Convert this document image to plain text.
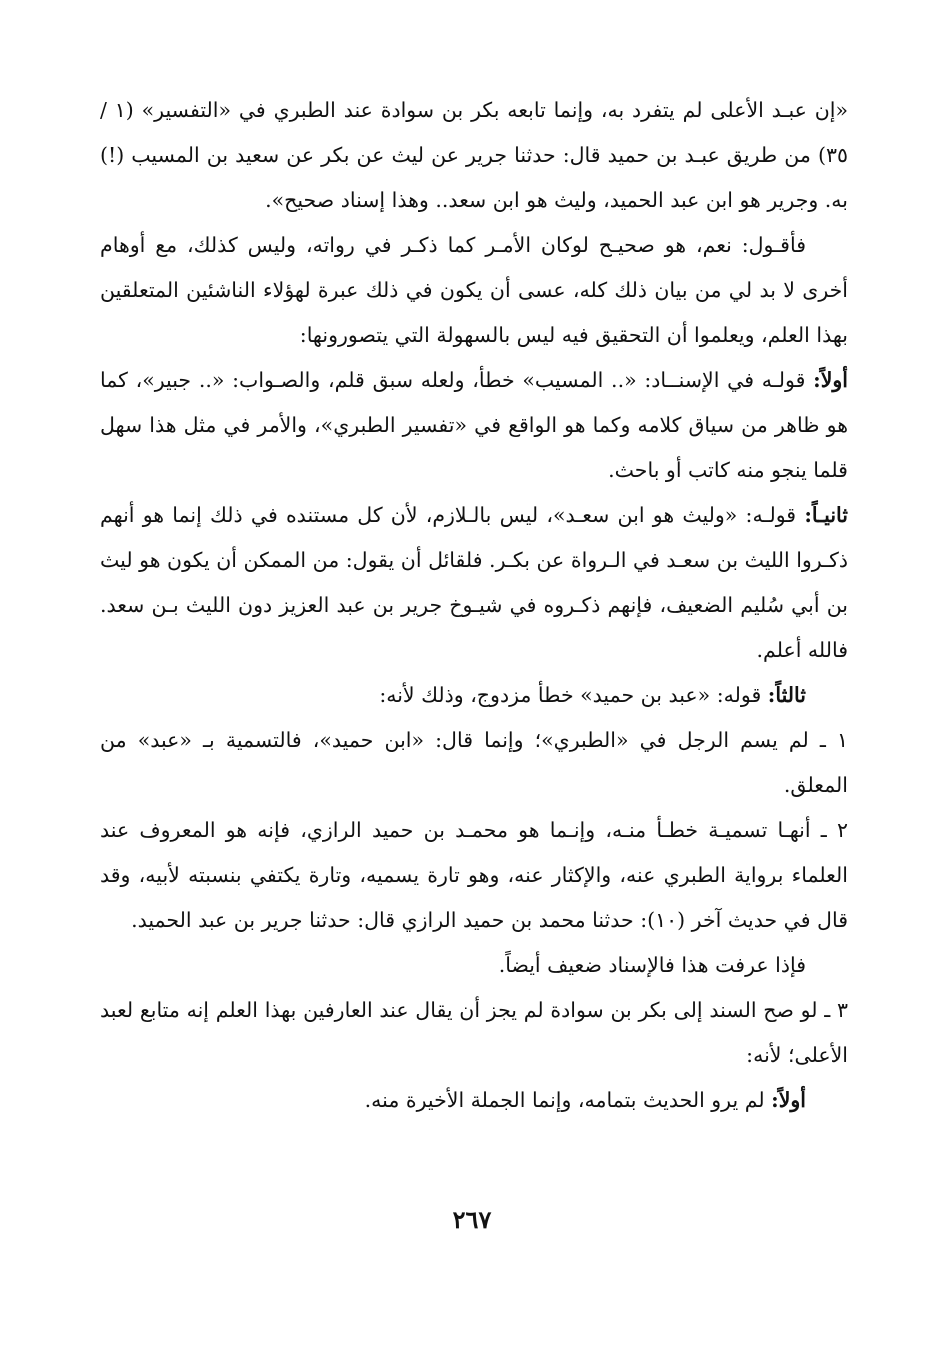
«إن عبـد الأعلى لم يتفرد به، وإنما تابعه بكر بن سوادة عند الطبري في «التفسير» (١ / ٣٥) من طريق عبـد بن حميد قال: حدثنا جرير عن ليث عن بكر عن سعيد بن المسيب (!) به. وجرير هو ابن عبد الحميد، وليث هو ابن سعد.. وهذا إسناد صحيح».

فأقـول: نعم، هو صحيـح لوكان الأمـر كما ذكـر في رواته، وليس كذلك، مع أوهام أخرى لا بد لي من بيان ذلك كله، عسى أن يكون في ذلك عبرة لهؤلاء الناشئين المتعلقين بهذا العلم، ويعلموا أن التحقيق فيه ليس بالسهولة التي يتصورونها:

أولاً: قولـه في الإسنــاد: «.. المسيب» خطأ، ولعله سبق قلم، والصـواب: «.. جبير»، كما هو ظاهر من سياق كلامه وكما هو الواقع في «تفسير الطبري»، والأمر في مثل هذا سهل قلما ينجو منه كاتب أو باحث.

ثانيـاً: قولـه: «وليث هو ابن سعـد»، ليس بالـلازم، لأن كل مستنده في ذلك إنما هو أنهم ذكـروا الليث بن سعـد في الـرواة عن بكـر. فلقائل أن يقول: من الممكن أن يكون هو ليث بن أبي سُليم الضعيف، فإنهم ذكـروه في شيـوخ جرير بن عبد العزيز دون الليث بـن سعد. فالله أعلم.

ثالثاً: قوله: «عبد بن حميد» خطأ مزدوج، وذلك لأنه:

١ ـ لم يسم الرجل في «الطبري»؛ وإنما قال: «ابن حميد»، فالتسمية بـ «عبد» من المعلق.

٢ ـ أنهـا تسميـة خطـأ منـه، وإنـما هو محمـد بن حميد الرازي، فإنه هو المعروف عند العلماء برواية الطبري عنه، والإكثار عنه، وهو تارة يسميه، وتارة يكتفي بنسبته لأبيه، وقد قال في حديث آخر (١٠): حدثنا محمد بن حميد الرازي قال: حدثنا جرير بن عبد الحميد.

فإذا عرفت هذا فالإسناد ضعيف أيضاً.

٣ ـ لو صح السند إلى بكر بن سوادة لم يجز أن يقال عند العارفين بهذا العلم إنه متابع لعبد الأعلى؛ لأنه:

أولاً: لم يرو الحديث بتمامه، وإنما الجملة الأخيرة منه.

٢٦٧
